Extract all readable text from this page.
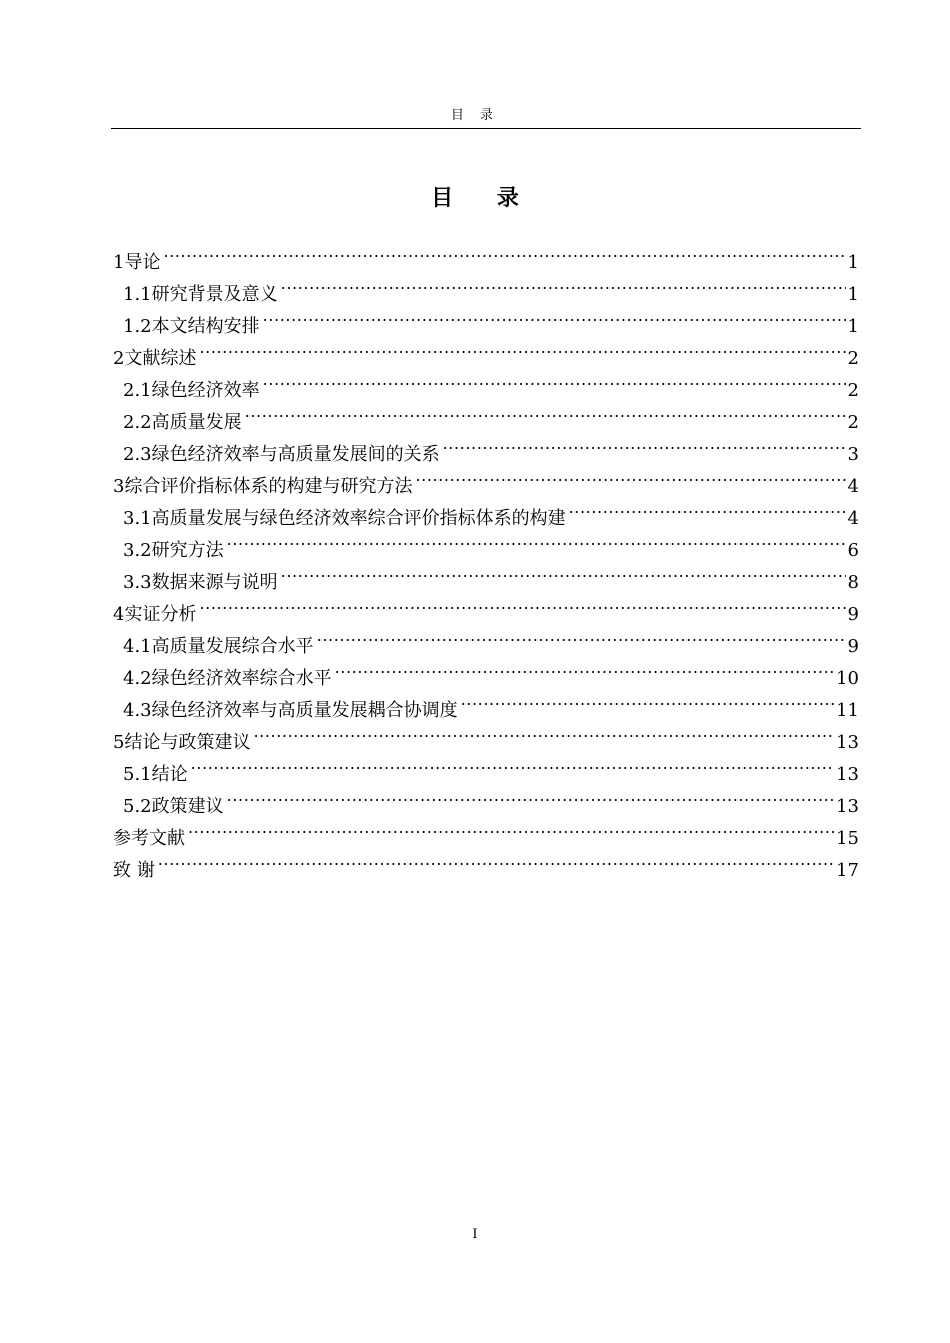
目 录
目 录
1导论 .....	1
1.1研究背景及意义 .....	1
1.2本文结构安排 .....	1
2文献综述 .....	2
2.1绿色经济效率 .....	2
2.2高质量发展 .....	2
2.3绿色经济效率与高质量发展间的关系 .....	3
3综合评价指标体系的构建与研究方法 .....	4
3.1高质量发展与绿色经济效率综合评价指标体系的构建 .....	4
3.2研究方法 .....	6
3.3数据来源与说明 .....	8
4实证分析 .....	9
4.1高质量发展综合水平 .....	9
4.2绿色经济效率综合水平 .....	10
4.3绿色经济效率与高质量发展耦合协调度 .....	11
5结论与政策建议 .....	13
5.1结论 .....	13
5.2政策建议 .....	13
参考文献 .....	15
致 谢 .....	17
I
